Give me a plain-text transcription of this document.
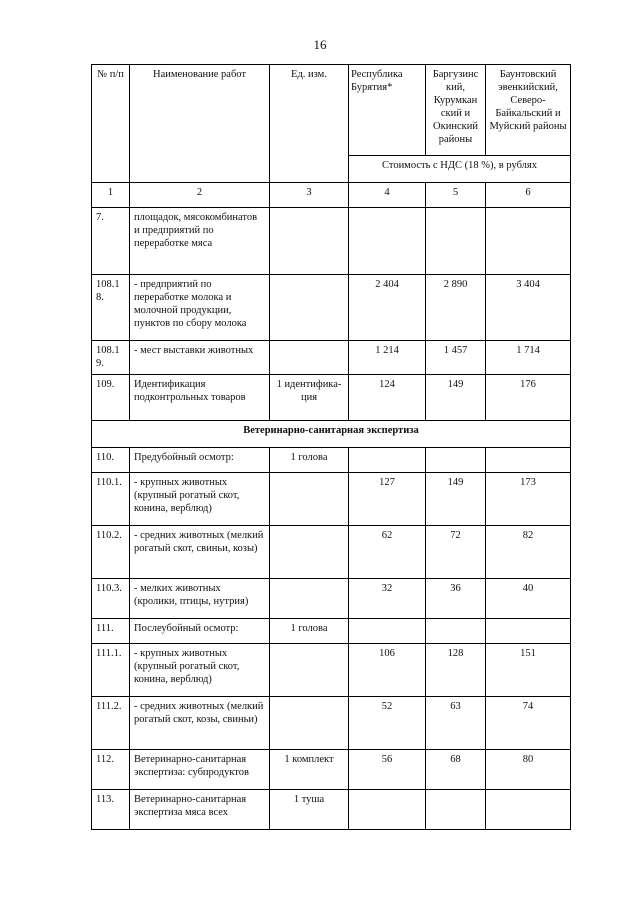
16
№ п/п	Наименование работ	Ед. изм.	Республика Бурятия*	Баргузинс кий, Курумкан ский и Окинский районы	Баунтовский эвенкийский, Северо-Байкальский и Муйский районы
			Стоимость с НДС (18 %), в рублях		
1	2	3	4	5	6
7.	площадок, мясокомбинатов и предприятий по переработке мяса				
108.1 8.	- предприятий по переработке молока и молочной продукции, пунктов по сбору молока		2 404	2 890	3 404
108.1 9.	- мест выставки животных		1 214	1 457	1 714
109.	Идентификация подконтрольных товаров	1 идентифика-ция	124	149	176
Ветеринарно-санитарная экспертиза					
110.	Предубойный осмотр:	1 голова			
110.1.	- крупных животных (крупный рогатый скот, конина, верблюд)		127	149	173
110.2.	- средних животных (мелкий рогатый скот, свиньи, козы)		62	72	82
110.3.	- мелких животных (кролики, птицы, нутрия)		32	36	40
111.	Послеубойный осмотр:	1 голова			
111.1.	- крупных животных (крупный рогатый скот, конина, верблюд)		106	128	151
111.2.	- средних животных (мелкий рогатый скот, козы, свиньи)		52	63	74
112.	Ветеринарно-санитарная экспертиза: субпродуктов	1 комплект	56	68	80
113.	Ветеринарно-санитарная экспертиза мяса всех	1 туша			
